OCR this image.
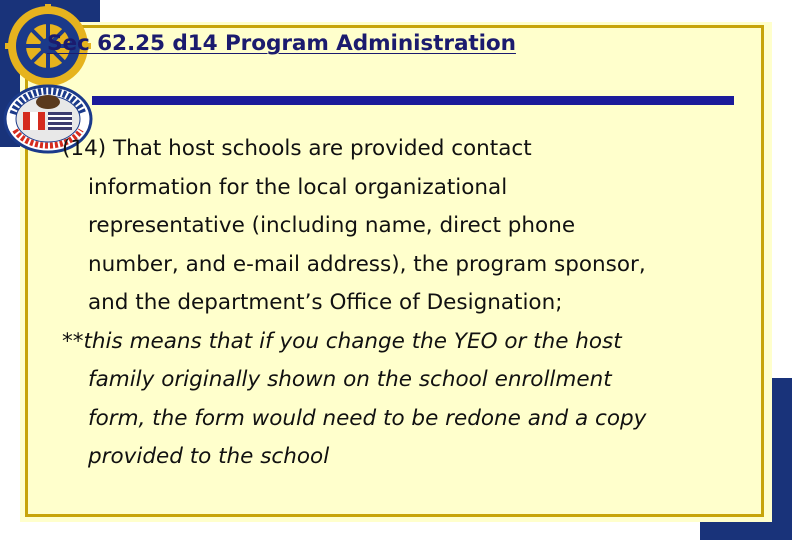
Sec 62.25 d14 Program Administration

(14) That host schools are provided contact
information for the local organizational
representative (including name, direct phone
number, and e-mail address), the program sponsor,
and the department’s Office of Designation;

**this means that if you change the YEO or the host
family originally shown on the school enrollment
form, the form would need to be redone and a copy
provided to the school
